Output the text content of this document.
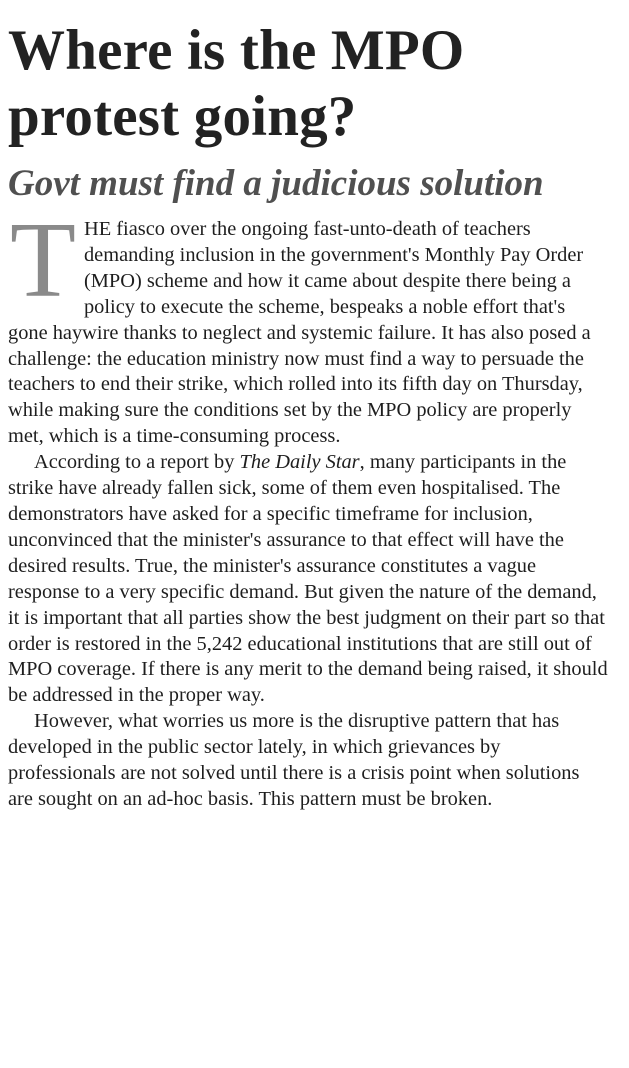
Where is the MPO protest going?
Govt must find a judicious solution

THE fiasco over the ongoing fast-unto-death of teachers demanding inclusion in the government's Monthly Pay Order (MPO) scheme and how it came about despite there being a policy to execute the scheme, bespeaks a noble effort that's gone haywire thanks to neglect and systemic failure. It has also posed a challenge: the education ministry now must find a way to persuade the teachers to end their strike, which rolled into its fifth day on Thursday, while making sure the conditions set by the MPO policy are properly met, which is a time-consuming process.

According to a report by The Daily Star, many participants in the strike have already fallen sick, some of them even hospitalised. The demonstrators have asked for a specific timeframe for inclusion, unconvinced that the minister's assurance to that effect will have the desired results. True, the minister's assurance constitutes a vague response to a very specific demand. But given the nature of the demand, it is important that all parties show the best judgment on their part so that order is restored in the 5,242 educational institutions that are still out of MPO coverage. If there is any merit to the demand being raised, it should be addressed in the proper way.

However, what worries us more is the disruptive pattern that has developed in the public sector lately, in which grievances by professionals are not solved until there is a crisis point when solutions are sought on an ad-hoc basis. This pattern must be broken.
